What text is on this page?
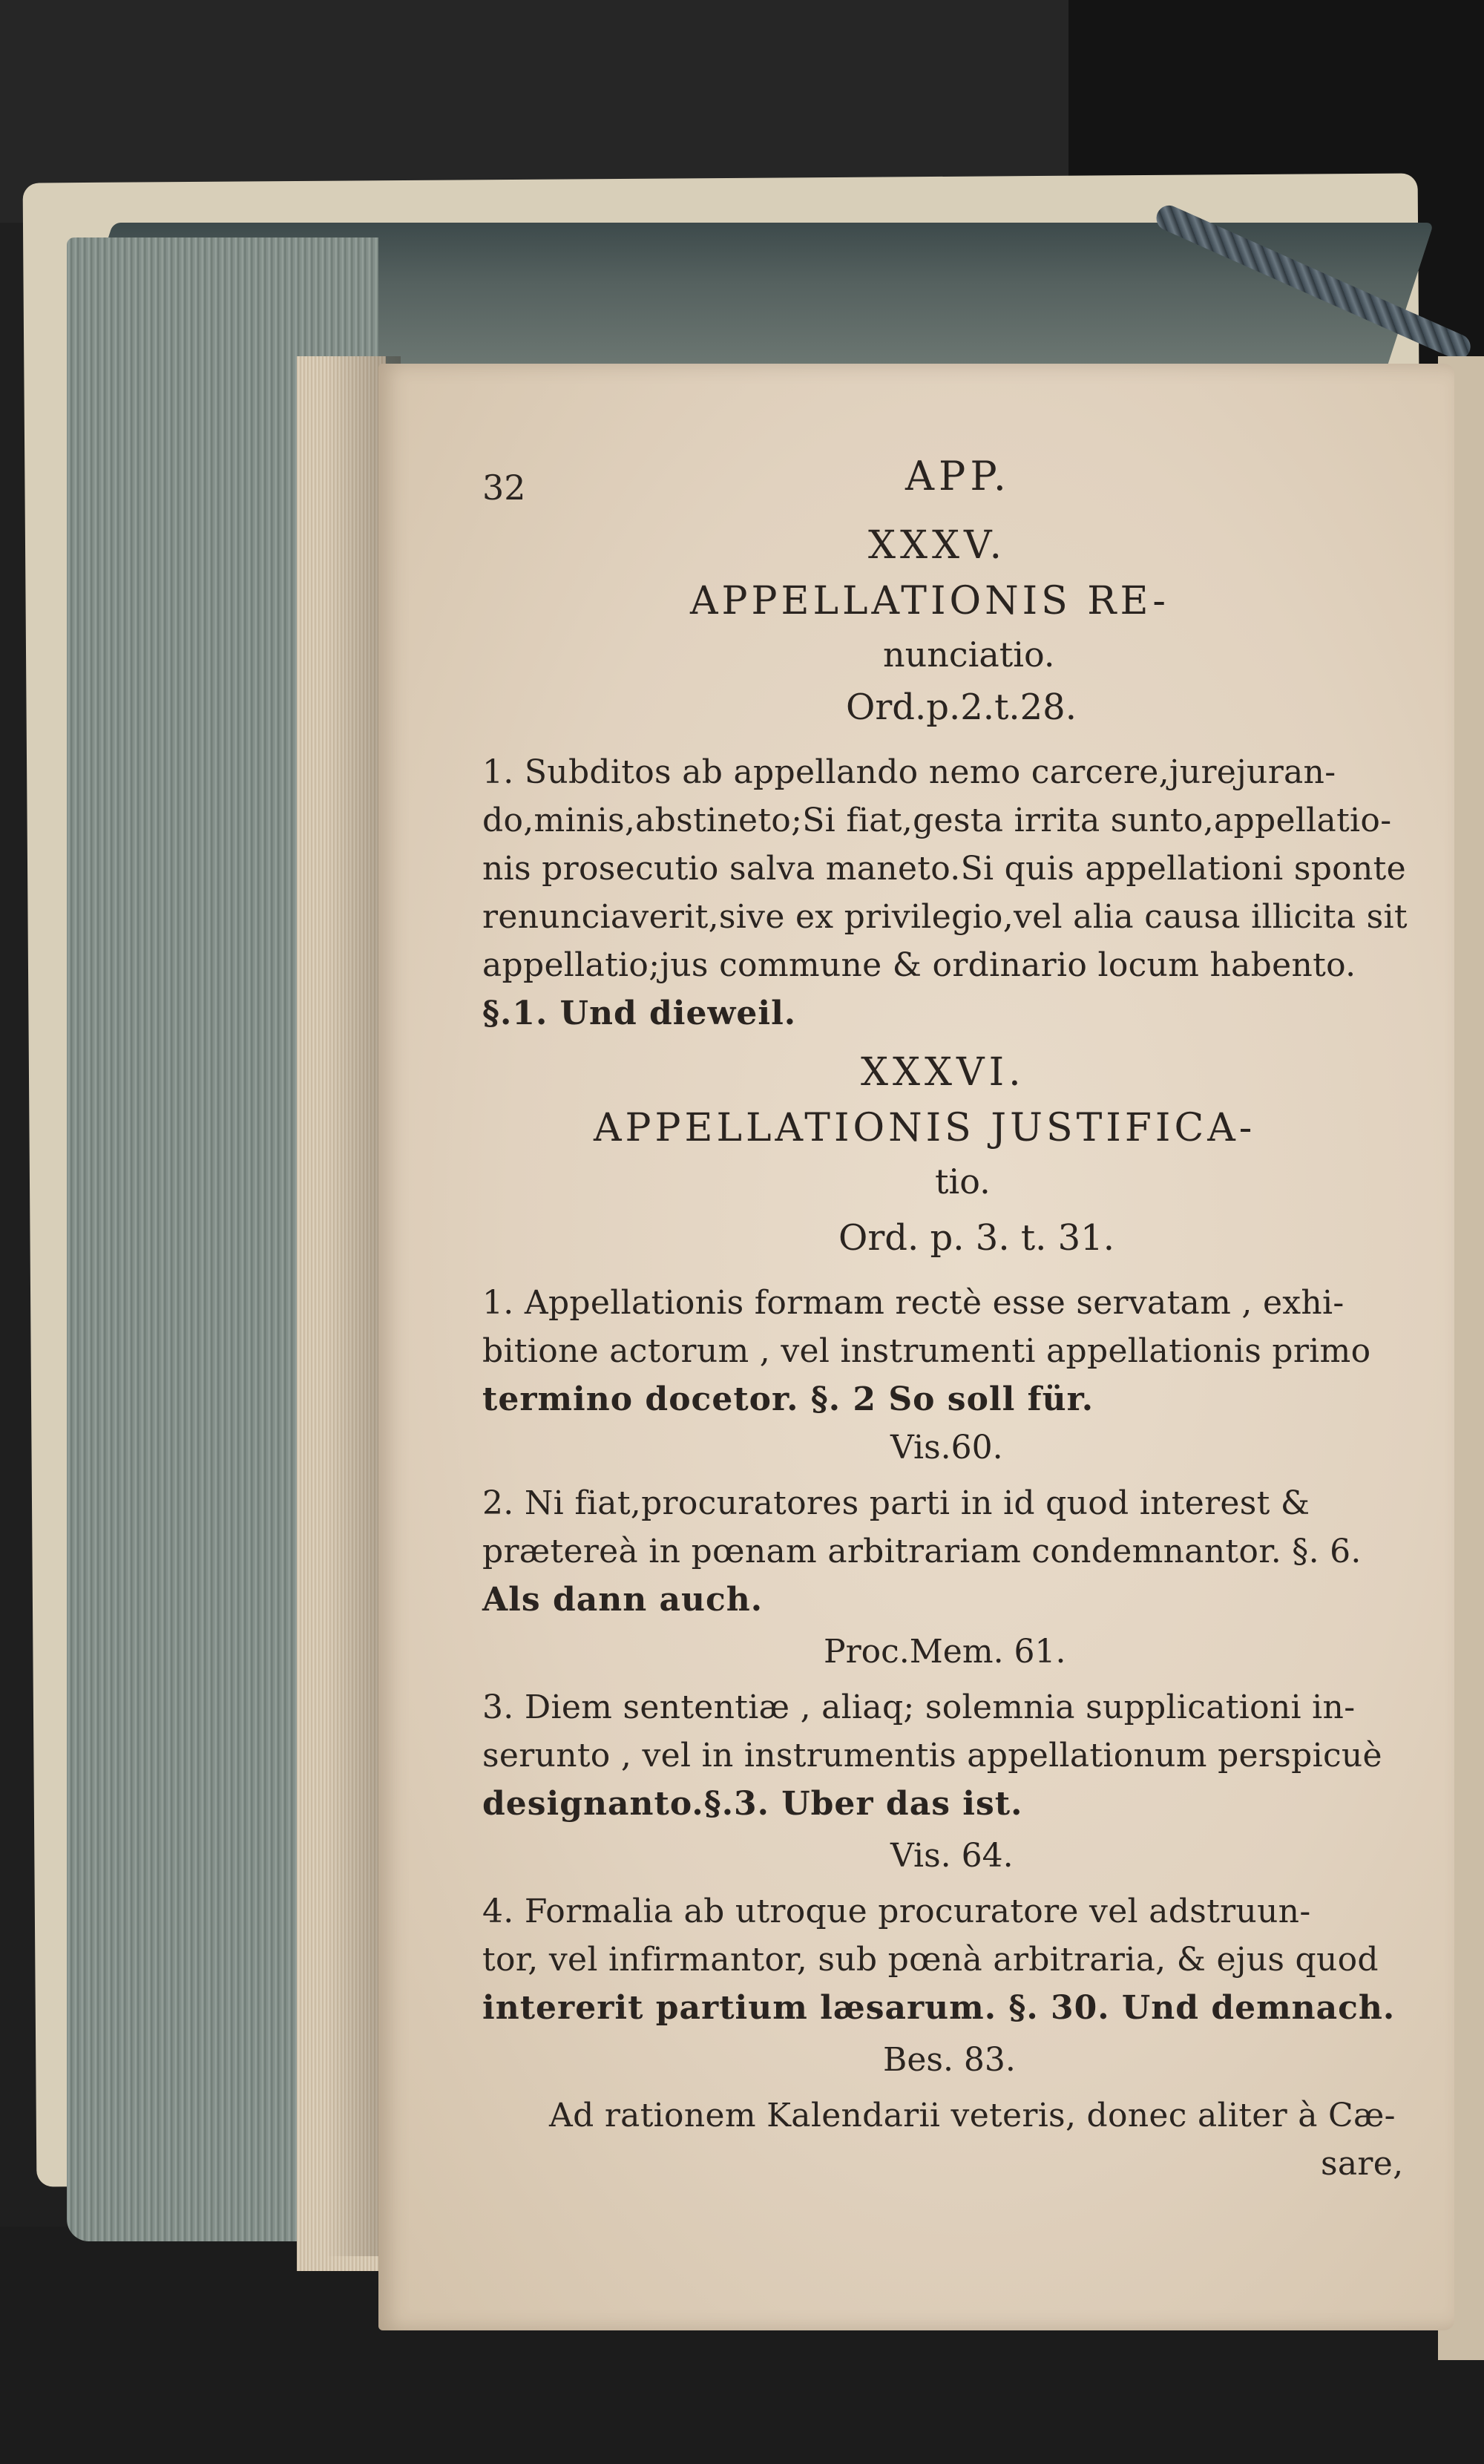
32	APP.
XXXV.
APPELLATIONIS RE-
nunciatio.
Ord.p.2.t.28.
1. Subditos ab appellando nemo carcere,jurejuran-
do,minis,abstineto;Si fiat,gesta irrita sunto,appellatio-
nis prosecutio salva maneto.Si quis appellationi sponte
renunciaverit,sive ex privilegio,vel alia causa illicita sit
appellatio;jus commune & ordinario locum habento.
§.1. Und dieweil.
XXXVI.
APPELLATIONIS JUSTIFICA-
tio.
Ord. p. 3. t. 31.
1. Appellationis formam rectè esse servatam , exhi-
bitione actorum , vel instrumenti appellationis primo
termino docetor. §. 2 So soll für.
Vis.60.
2. Ni fiat,procuratores parti in id quod interest &
prætereà in pœnam arbitrariam condemnantor. §. 6.
Als dann auch.
Proc.Mem. 61.
3. Diem sententiæ , aliaq; solemnia supplicationi in-
serunto , vel in instrumentis appellationum perspicuè
designanto.§.3. Uber das ist.
Vis. 64.
4. Formalia ab utroque procuratore vel adstruun-
tor, vel infirmantor, sub pœnà arbitraria, & ejus quod
intererit partium læsarum. §. 30. Und demnach.
Bes. 83.
Ad rationem Kalendarii veteris, donec aliter à Cæ-
sare,
